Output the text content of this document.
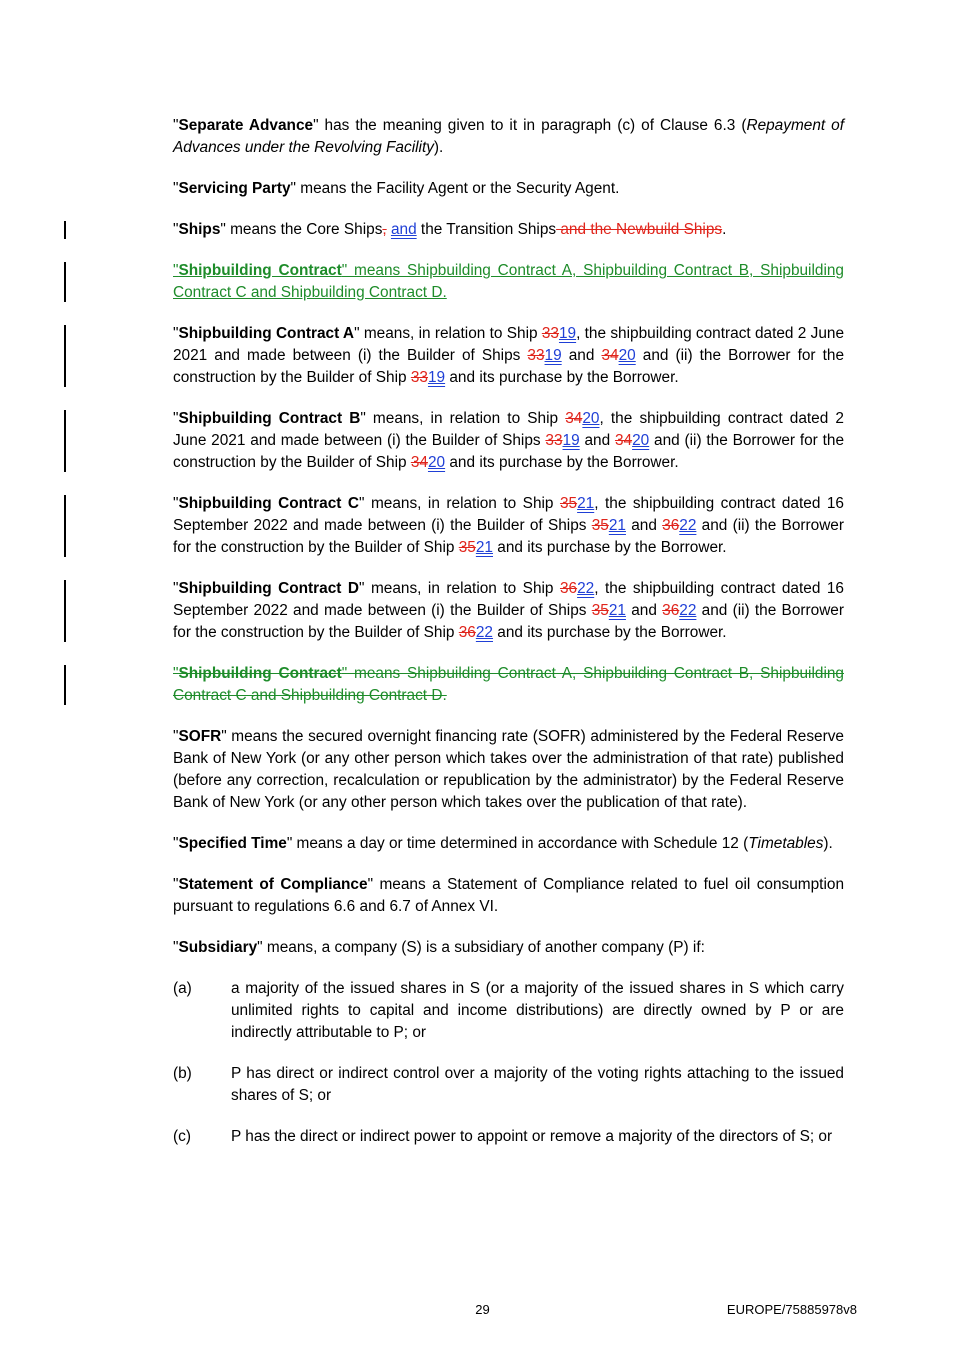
"Separate Advance" has the meaning given to it in paragraph (c) of Clause 6.3 (Repayment of Advances under the Revolving Facility).

"Servicing Party" means the Facility Agent or the Security Agent.

"Ships" means the Core Ships, and the Transition Ships and the Newbuild Ships.

"Shipbuilding Contract" means Shipbuilding Contract A, Shipbuilding Contract B, Shipbuilding Contract C and Shipbuilding Contract D.

"Shipbuilding Contract A" means, in relation to Ship 3319, the shipbuilding contract dated 2 June 2021 and made between (i) the Builder of Ships 3319 and 3420 and (ii) the Borrower for the construction by the Builder of Ship 3319 and its purchase by the Borrower.

"Shipbuilding Contract B" means, in relation to Ship 3420, the shipbuilding contract dated 2 June 2021 and made between (i) the Builder of Ships 3319 and 3420 and (ii) the Borrower for the construction by the Builder of Ship 3420 and its purchase by the Borrower.

"Shipbuilding Contract C" means, in relation to Ship 3521, the shipbuilding contract dated 16 September 2022 and made between (i) the Builder of Ships 3521 and 3622 and (ii) the Borrower for the construction by the Builder of Ship 3521 and its purchase by the Borrower.

"Shipbuilding Contract D" means, in relation to Ship 3622, the shipbuilding contract dated 16 September 2022 and made between (i) the Builder of Ships 3521 and 3622 and (ii) the Borrower for the construction by the Builder of Ship 3622 and its purchase by the Borrower.

"Shipbuilding Contract" means Shipbuilding Contract A, Shipbuilding Contract B, Shipbuilding Contract C and Shipbuilding Contract D.

"SOFR" means the secured overnight financing rate (SOFR) administered by the Federal Reserve Bank of New York (or any other person which takes over the administration of that rate) published (before any correction, recalculation or republication by the administrator) by the Federal Reserve Bank of New York (or any other person which takes over the publication of that rate).

"Specified Time" means a day or time determined in accordance with Schedule 12 (Timetables).

"Statement of Compliance" means a Statement of Compliance related to fuel oil consumption pursuant to regulations 6.6 and 6.7 of Annex VI.

"Subsidiary" means, a company (S) is a subsidiary of another company (P) if:

(a)	a majority of the issued shares in S (or a majority of the issued shares in S which carry unlimited rights to capital and income distributions) are directly owned by P or are indirectly attributable to P; or
(b)	P has direct or indirect control over a majority of the voting rights attaching to the issued shares of S; or
(c)	P has the direct or indirect power to appoint or remove a majority of the directors of S; or
29	EUROPE/75885978v8
